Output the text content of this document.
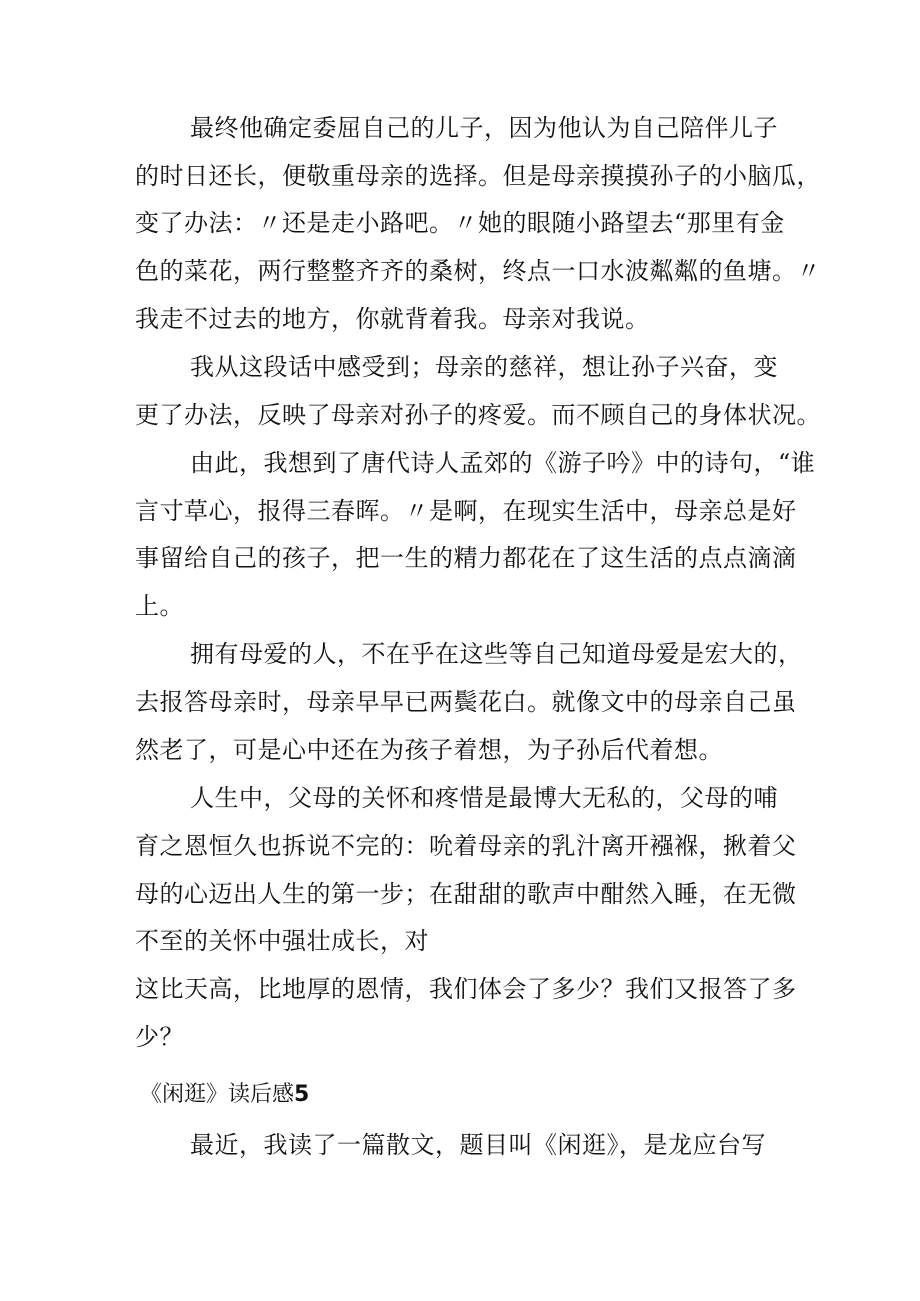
最终他确定委屈自己的儿子，因为他认为自己陪伴儿子
的时日还长，便敬重母亲的选择。但是母亲摸摸孙子的小脑瓜，
变了办法：〃还是走小路吧。〃她的眼随小路望去“那里有金
色的菜花，两行整整齐齐的桑树，终点一口水波粼粼的鱼塘。〃
我走不过去的地方，你就背着我。母亲对我说。
我从这段话中感受到；母亲的慈祥，想让孙子兴奋，变
更了办法，反映了母亲对孙子的疼爱。而不顾自己的身体状况。
由此，我想到了唐代诗人孟郊的《游子吟》中的诗句，“谁
言寸草心，报得三春晖。〃是啊，在现实生活中，母亲总是好
事留给自己的孩子，把一生的精力都花在了这生活的点点滴滴
上。
拥有母爱的人，不在乎在这些等自己知道母爱是宏大的，
去报答母亲时，母亲早早已两鬓花白。就像文中的母亲自己虽
然老了，可是心中还在为孩子着想，为子孙后代着想。
人生中，父母的关怀和疼惜是最博大无私的，父母的哺
育之恩恒久也拆说不完的：吮着母亲的乳汁离开襁褓，揪着父
母的心迈出人生的第一步；在甜甜的歌声中酣然入睡，在无微
不至的关怀中强壮成长，对
这比天高，比地厚的恩情，我们体会了多少？我们又报答了多
少？
《闲逛》读后感5
最近，我读了一篇散文，题目叫《闲逛》，是龙应台写
